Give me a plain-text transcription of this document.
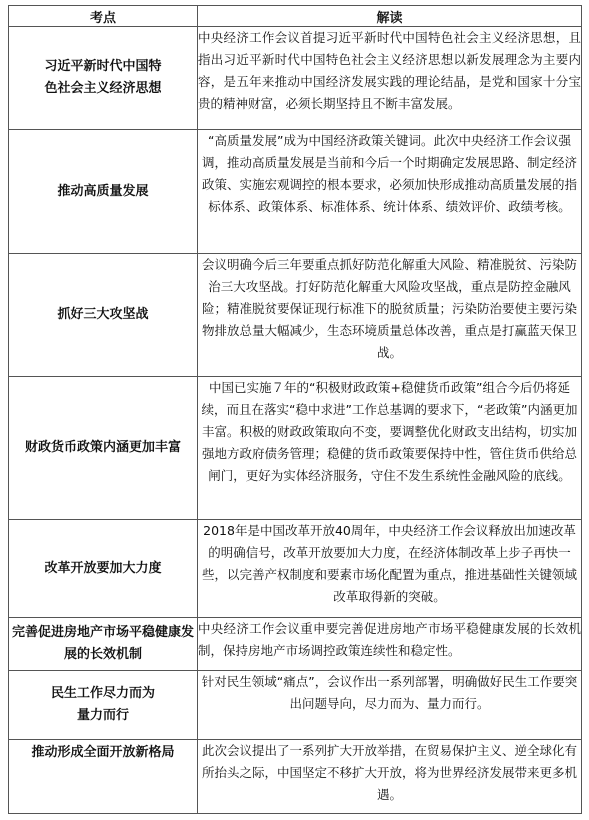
考点	解读
习近平新时代中国特色社会主义经济思想	中央经济工作会议首提习近平新时代中国特色社会主义经济思想，且指出习近平新时代中国特色社会主义经济思想以新发展理念为主要内容，是五年来推动中国经济发展实践的理论结晶，是党和国家十分宝贵的精神财富，必须长期坚持且不断丰富发展。
推动高质量发展	“高质量发展”成为中国经济政策关键词。此次中央经济工作会议强调，推动高质量发展是当前和今后一个时期确定发展思路、制定经济政策、实施宏观调控的根本要求，必须加快形成推动高质量发展的指标体系、政策体系、标准体系、统计体系、绩效评价、政绩考核。
抓好三大攻坚战	会议明确今后三年要重点抓好防范化解重大风险、精准脱贫、污染防治三大攻坚战。打好防范化解重大风险攻坚战，重点是防控金融风险；精准脱贫要保证现行标准下的脱贫质量；污染防治要使主要污染物排放总量大幅减少，生态环境质量总体改善，重点是打赢蓝天保卫战。
财政货币政策内涵更加丰富	中国已实施７年的“积极财政政策+稳健货币政策”组合今后仍将延续，而且在落实“稳中求进”工作总基调的要求下，“老政策”内涵更加丰富。积极的财政政策取向不变，要调整优化财政支出结构，切实加强地方政府债务管理；稳健的货币政策要保持中性，管住货币供给总闸门，更好为实体经济服务，守住不发生系统性金融风险的底线。
改革开放要加大力度	2018年是中国改革开放40周年，中央经济工作会议释放出加速改革的明确信号，改革开放要加大力度，在经济体制改革上步子再快一些，以完善产权制度和要素市场化配置为重点，推进基础性关键领域改革取得新的突破。
完善促进房地产市场平稳健康发展的长效机制	中央经济工作会议重申要完善促进房地产市场平稳健康发展的长效机制，保持房地产市场调控政策连续性和稳定性。
民生工作尽力而为量力而行	针对民生领域“痛点”，会议作出一系列部署，明确做好民生工作要突出问题导向，尽力而为、量力而行。
推动形成全面开放新格局	此次会议提出了一系列扩大开放举措，在贸易保护主义、逆全球化有所抬头之际，中国坚定不移扩大开放，将为世界经济发展带来更多机遇。
